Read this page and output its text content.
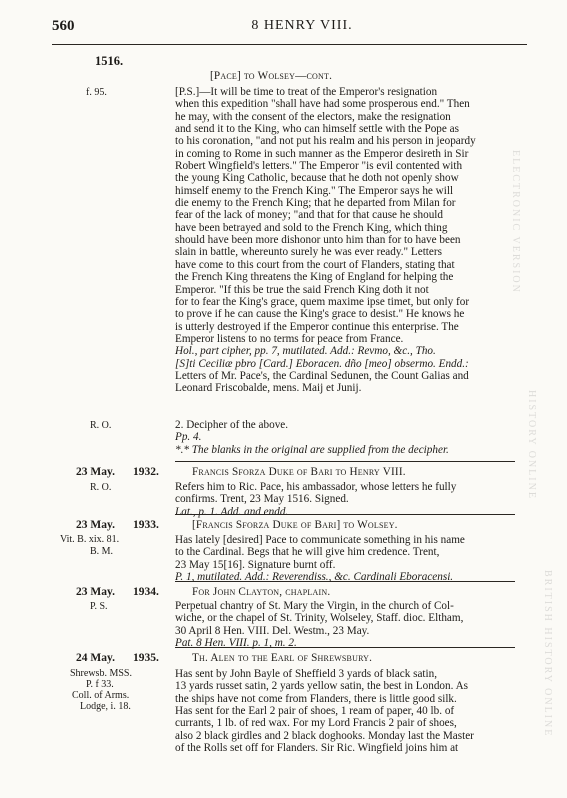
560	8 HENRY VIII.
1516.
[Pace] to Wolsey—cont.
f. 95.	[P.S.]—It will be time to treat of the Emperor's resignation
when this expedition "shall have had some prosperous end." Then
he may, with the consent of the electors, make the resignation
and send it to the King, who can himself settle with the Pope as
to his coronation, "and not put his realm and his person in jeopardy
in coming to Rome in such manner as the Emperor desireth in Sir
Robert Wingfield's letters." The Emperor "is evil contented with
the young King Catholic, because that he doth not openly show
himself enemy to the French King." The Emperor says he will
die enemy to the French King; that he departed from Milan for
fear of the lack of money; "and that for that cause he should
have been betrayed and sold to the French King, which thing
should have been more dishonor unto him than for to have been
slain in battle, whereunto surely he was ever ready." Letters
have come to this court from the court of Flanders, stating that
the French King threatens the King of England for helping the
Emperor. "If this be true the said French King doth it not
for to fear the King's grace, quem maxime ipse timet, but only for
to prove if he can cause the King's grace to desist." He knows he
is utterly destroyed if the Emperor continue this enterprise. The
Emperor listens to no terms for peace from France.
Hol., part cipher, pp. 7, mutilated. Add.: Revmo, &c., Tho.
[S]ti Ceciliæ pbro [Card.] Eboracen. dño [meo] obsermo. Endd.:
Letters of Mr. Pace's, the Cardinal Sedunen, the Count Galias and
Leonard Friscobalde, mens. Maij et Junij.
R. O.	2. Decipher of the above.
Pp. 4.
*.* The blanks in the original are supplied from the decipher.
23 May. 1932.	Francis Sforza Duke of Bari to Henry VIII.
R. O.	Refers him to Ric. Pace, his ambassador, whose letters he fully
confirms. Trent, 23 May 1516. Signed.
Lat., p. 1. Add. and endd.
23 May. 1933.	[Francis Sforza Duke of Bari] to Wolsey.
Vit. B. xix. 81.
B. M.
Has lately [desired] Pace to communicate something in his name
to the Cardinal. Begs that he will give him credence. Trent,
23 May 15[16]. Signature burnt off.
P. 1, mutilated. Add.: Reverendiss., &c. Cardinali Eboracensi.
23 May. 1934.	For John Clayton, chaplain.
P. S.	Perpetual chantry of St. Mary the Virgin, in the church of Col-
wiche, or the chapel of St. Trinity, Wolseley, Staff. dioc. Eltham,
30 April 8 Hen. VIII. Del. Westm., 23 May.
Pat. 8 Hen. VIII. p. 1, m. 2.
24 May. 1935.	Th. Alen to the Earl of Shrewsbury.
Shrewsb. MSS.
P. f 33.
Coll. of Arms.
Lodge, i. 18.
Has sent by John Bayle of Sheffield 3 yards of black satin,
13 yards russet satin, 2 yards yellow satin, the best in London. As
the ships have not come from Flanders, there is little good silk.
Has sent for the Earl 2 pair of shoes, 1 ream of paper, 40 lb. of
currants, 1 lb. of red wax. For my Lord Francis 2 pair of shoes,
also 2 black girdles and 2 black doghooks. Monday last the Master
of the Rolls set off for Flanders. Sir Ric. Wingfield joins him at
ELECTRONIC VERSION
HISTORY ONLINE
BRITISH HISTORY ONLINE
